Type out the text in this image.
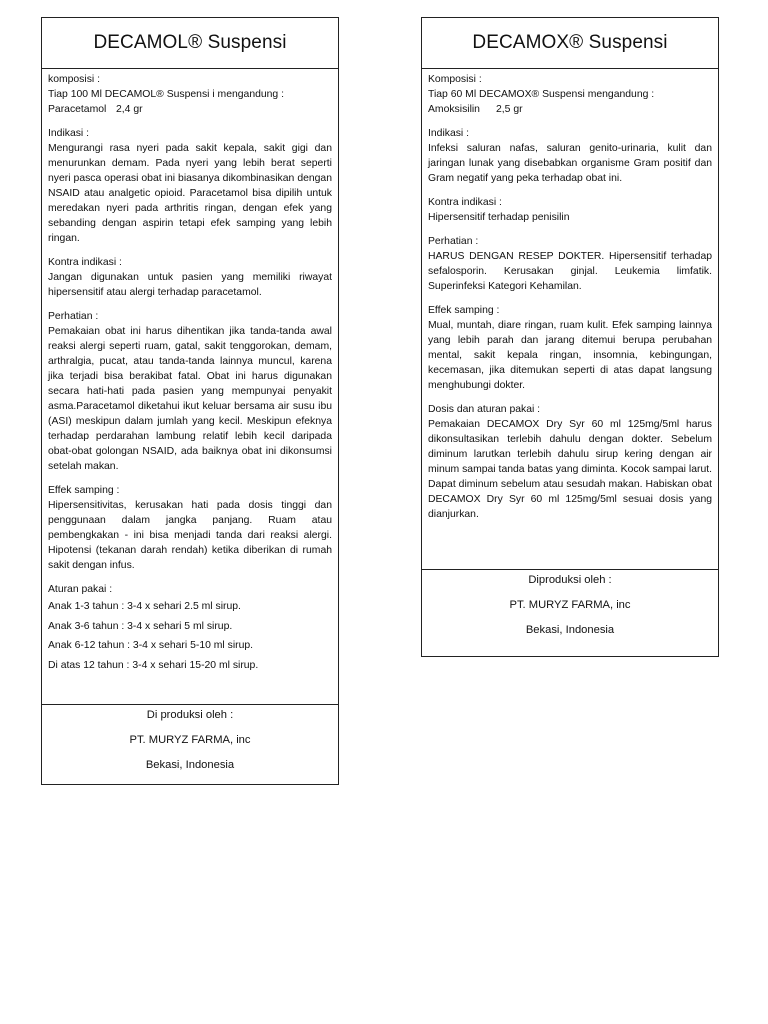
DECAMOL® Suspensi
komposisi :

Tiap 100 Ml DECAMOL® Suspensi i mengandung :

Paracetamol 2,4 gr
Indikasi :

Mengurangi rasa nyeri pada sakit kepala, sakit gigi dan menurunkan demam. Pada nyeri yang lebih berat seperti nyeri pasca operasi obat ini biasanya dikombinasikan dengan NSAID atau analgetic opioid. Paracetamol bisa dipilih untuk meredakan nyeri pada arthritis ringan, dengan efek yang sebanding dengan aspirin tetapi efek samping yang lebih ringan.

Kontra indikasi :

Jangan digunakan untuk pasien yang memiliki riwayat hipersensitif atau alergi terhadap paracetamol.

Perhatian :

Pemakaian obat ini harus dihentikan jika tanda-tanda awal reaksi alergi seperti ruam, gatal, sakit tenggorokan, demam, arthralgia, pucat, atau tanda-tanda lainnya muncul, karena jika terjadi bisa berakibat fatal. Obat ini harus digunakan secara hati-hati pada pasien yang mempunyai penyakit asma.Paracetamol diketahui ikut keluar bersama air susu ibu (ASI) meskipun dalam jumlah yang kecil. Meskipun efeknya terhadap perdarahan lambung relatif lebih kecil daripada obat-obat golongan NSAID, ada baiknya obat ini dikonsumsi setelah makan.

Effek samping :

Hipersensitivitas, kerusakan hati pada dosis tinggi dan penggunaan dalam jangka panjang. Ruam atau pembengkakan - ini bisa menjadi tanda dari reaksi alergi. Hipotensi (tekanan darah rendah) ketika diberikan di rumah sakit dengan infus.

Aturan pakai :
Anak 1-3 tahun : 3-4 x sehari 2.5 ml sirup.
Anak 3-6 tahun : 3-4 x sehari 5 ml sirup.
Anak 6-12 tahun : 3-4 x sehari 5-10 ml sirup.
Di atas 12 tahun : 3-4 x sehari 15-20 ml sirup.
Di produksi oleh :
PT. MURYZ FARMA, inc
Bekasi, Indonesia
DECAMOX® Suspensi
Komposisi :

Tiap 60 Ml DECAMOX® Suspensi mengandung :

Amoksisilin	2,5 gr
Indikasi :

Infeksi saluran nafas, saluran genito-urinaria, kulit dan jaringan lunak yang disebabkan organisme Gram positif dan Gram negatif yang peka terhadap obat ini.

Kontra indikasi :

Hipersensitif terhadap penisilin

Perhatian :

HARUS DENGAN RESEP DOKTER. Hipersensitif terhadap sefalosporin. Kerusakan ginjal. Leukemia limfatik. Superinfeksi Kategori Kehamilan.

Effek samping :

Mual, muntah, diare ringan, ruam kulit. Efek samping lainnya yang lebih parah dan jarang ditemui berupa perubahan mental, sakit kepala ringan, insomnia, kebingungan, kecemasan, jika ditemukan seperti di atas dapat langsung menghubungi dokter.

Dosis dan aturan pakai :

Pemakaian DECAMOX Dry Syr 60 ml 125mg/5ml harus dikonsultasikan terlebih dahulu dengan dokter. Sebelum diminum larutkan terlebih dahulu sirup kering dengan air minum sampai tanda batas yang diminta. Kocok sampai larut. Dapat diminum sebelum atau sesudah makan. Habiskan obat DECAMOX Dry Syr 60 ml 125mg/5ml sesuai dosis yang dianjurkan.

Diproduksi oleh :
PT. MURYZ FARMA, inc
Bekasi, Indonesia
